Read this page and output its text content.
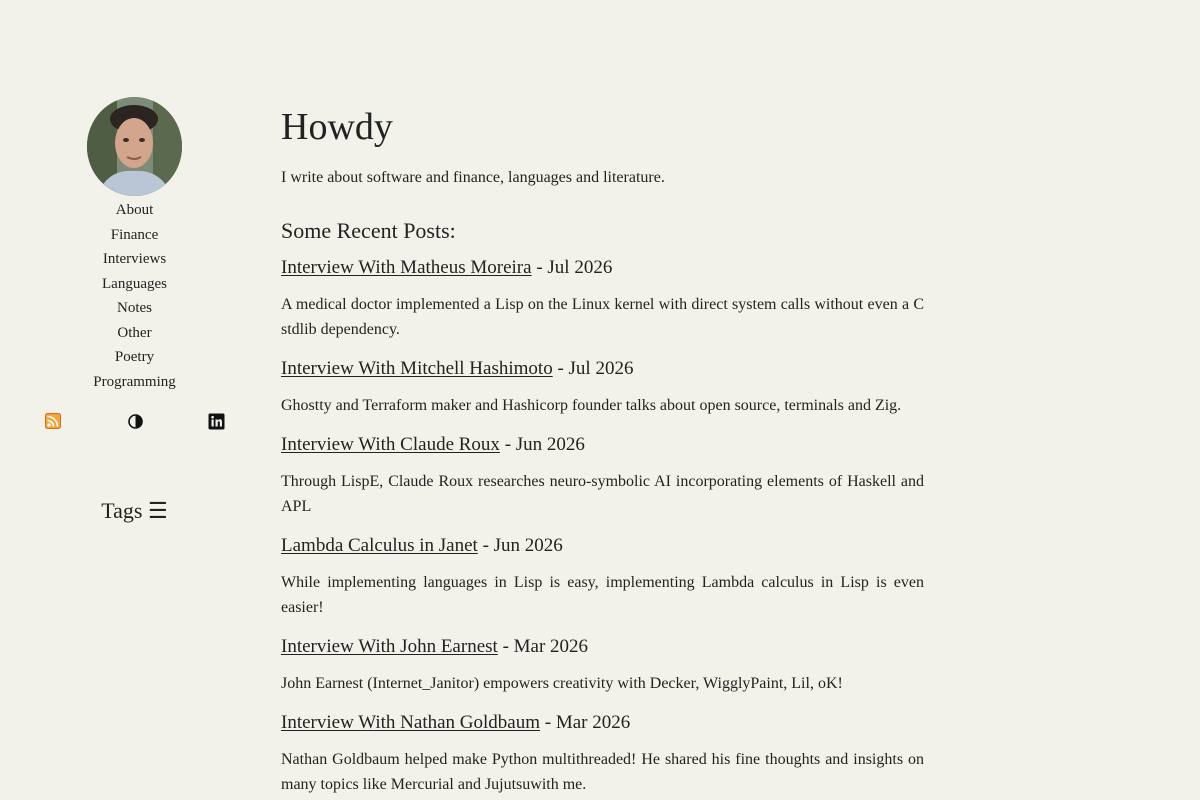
About
Finance
Interviews
Languages
Notes
Other
Poetry
Programming
Tags ☰
Howdy

I write about software and finance, languages and literature.

Some Recent Posts:
Interview With Matheus Moreira - Jul 2026

A medical doctor implemented a Lisp on the Linux kernel with direct system calls without even a C stdlib dependency.

Interview With Mitchell Hashimoto - Jul 2026

Ghostty and Terraform maker and Hashicorp founder talks about open source, terminals and Zig.

Interview With Claude Roux - Jun 2026

Through LispE, Claude Roux researches neuro-symbolic AI incorporating elements of Haskell and APL

Lambda Calculus in Janet - Jun 2026

While implementing languages in Lisp is easy, implementing Lambda calculus in Lisp is even easier!

Interview With John Earnest - Mar 2026

John Earnest (Internet_Janitor) empowers creativity with Decker, WigglyPaint, Lil, oK!

Interview With Nathan Goldbaum - Mar 2026

Nathan Goldbaum helped make Python multithreaded! He shared his fine thoughts and insights on many topics like Mercurial and Jujutsuwith me.
